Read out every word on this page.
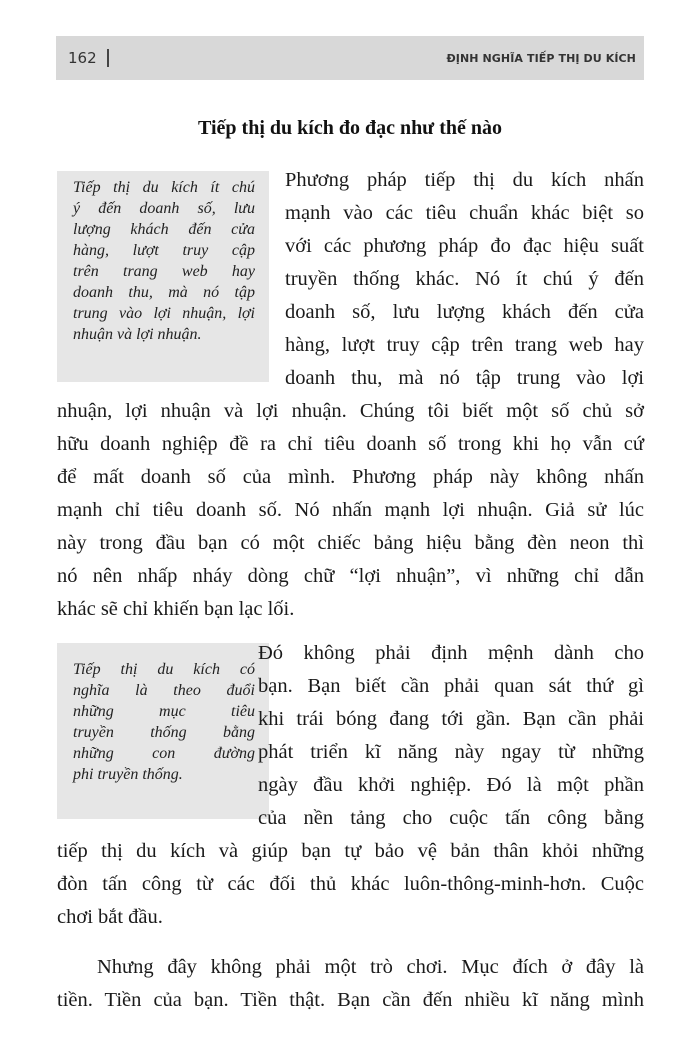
162	ĐỊNH NGHĨA TIẾP THỊ DU KÍCH
Tiếp thị du kích đo đạc như thế nào
Tiếp thị du kích ít chú
ý đến doanh số, lưu
lượng khách đến cửa
hàng, lượt truy cập
trên trang web hay
doanh thu, mà nó tập
trung vào lợi nhuận, lợi
nhuận và lợi nhuận.
Tiếp thị du kích có
nghĩa là theo đuổi
những mục tiêu
truyền thống bằng
những con đường
phi truyền thống.
Phương pháp tiếp thị du kích nhấn
mạnh vào các tiêu chuẩn khác biệt so
với các phương pháp đo đạc hiệu suất
truyền thống khác. Nó ít chú ý đến
doanh số, lưu lượng khách đến cửa
hàng, lượt truy cập trên trang web hay
doanh thu, mà nó tập trung vào lợi
nhuận, lợi nhuận và lợi nhuận. Chúng tôi biết một số chủ sở
hữu doanh nghiệp đề ra chỉ tiêu doanh số trong khi họ vẫn cứ
để mất doanh số của mình. Phương pháp này không nhấn
mạnh chỉ tiêu doanh số. Nó nhấn mạnh lợi nhuận. Giả sử lúc
này trong đầu bạn có một chiếc bảng hiệu bằng đèn neon thì
nó nên nhấp nháy dòng chữ “lợi nhuận”, vì những chỉ dẫn
khác sẽ chỉ khiến bạn lạc lối.
Đó không phải định mệnh dành cho
bạn. Bạn biết cần phải quan sát thứ gì
khi trái bóng đang tới gần. Bạn cần phải
phát triển kĩ năng này ngay từ những
ngày đầu khởi nghiệp. Đó là một phần
của nền tảng cho cuộc tấn công bằng
tiếp thị du kích và giúp bạn tự bảo vệ bản thân khỏi những
đòn tấn công từ các đối thủ khác luôn-thông-minh-hơn. Cuộc
chơi bắt đầu.
Nhưng đây không phải một trò chơi. Mục đích ở đây là
tiền. Tiền của bạn. Tiền thật. Bạn cần đến nhiều kĩ năng mình
